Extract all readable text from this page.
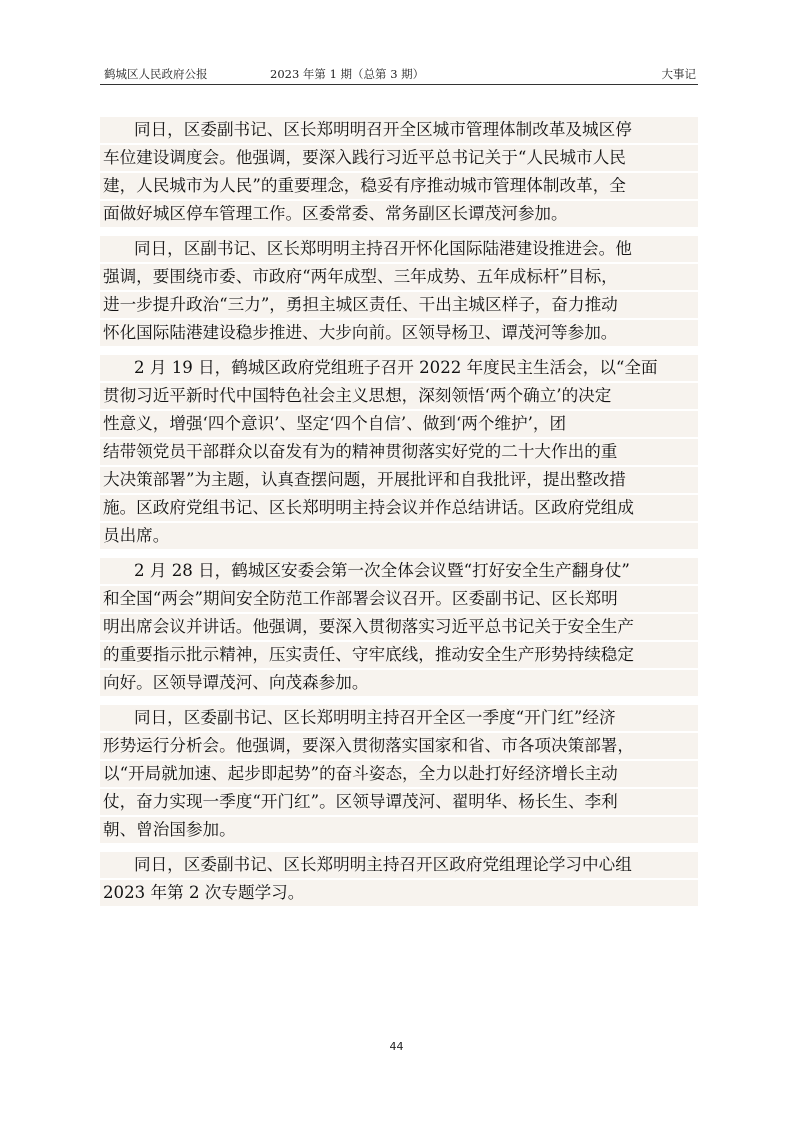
鹤城区人民政府公报	2023 年第 1 期（总第 3 期）	大事记
同日，区委副书记、区长郑明明召开全区城市管理体制改革及城区停
车位建设调度会。他强调，要深入践行习近平总书记关于“人民城市人民
建，人民城市为人民”的重要理念，稳妥有序推动城市管理体制改革，全
面做好城区停车管理工作。区委常委、常务副区长谭茂河参加。
同日，区副书记、区长郑明明主持召开怀化国际陆港建设推进会。他
强调，要围绕市委、市政府“两年成型、三年成势、五年成标杆”目标，
进一步提升政治“三力”，勇担主城区责任、干出主城区样子，奋力推动
怀化国际陆港建设稳步推进、大步向前。区领导杨卫、谭茂河等参加。
2 月 19 日，鹤城区政府党组班子召开 2022 年度民主生活会，以“全面
贯彻习近平新时代中国特色社会主义思想，深刻领悟‘两个确立’的决定
性意义，增强‘四个意识’、坚定‘四个自信’、做到‘两个维护’，团
结带领党员干部群众以奋发有为的精神贯彻落实好党的二十大作出的重
大决策部署”为主题，认真查摆问题，开展批评和自我批评，提出整改措
施。区政府党组书记、区长郑明明主持会议并作总结讲话。区政府党组成
员出席。
2 月 28 日，鹤城区安委会第一次全体会议暨“打好安全生产翻身仗”
和全国“两会”期间安全防范工作部署会议召开。区委副书记、区长郑明
明出席会议并讲话。他强调，要深入贯彻落实习近平总书记关于安全生产
的重要指示批示精神，压实责任、守牢底线，推动安全生产形势持续稳定
向好。区领导谭茂河、向茂森参加。
同日，区委副书记、区长郑明明主持召开全区一季度“开门红”经济
形势运行分析会。他强调，要深入贯彻落实国家和省、市各项决策部署，
以“开局就加速、起步即起势”的奋斗姿态，全力以赴打好经济增长主动
仗，奋力实现一季度“开门红”。区领导谭茂河、翟明华、杨长生、李利
朝、曾治国参加。
同日，区委副书记、区长郑明明主持召开区政府党组理论学习中心组
2023 年第 2 次专题学习。
44
